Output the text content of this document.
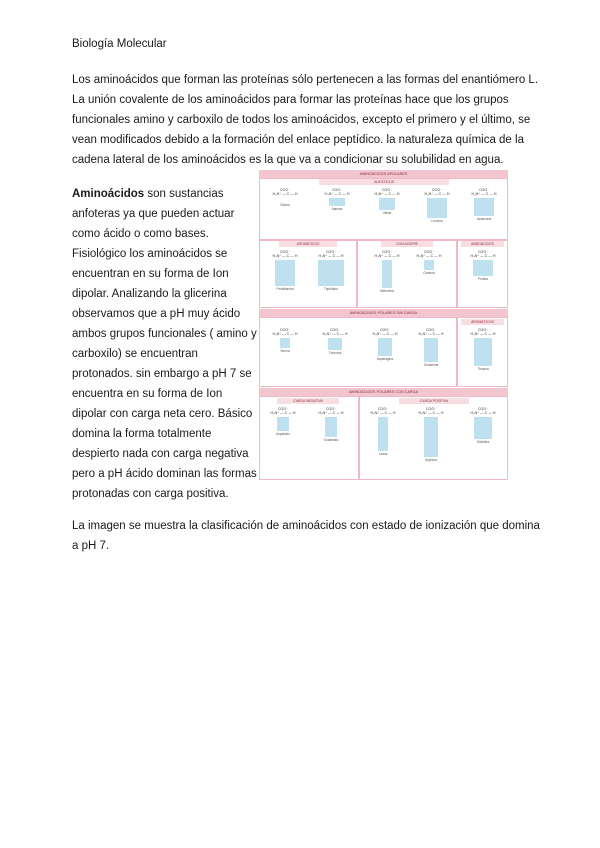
Biología Molecular
Los aminoácidos que forman las proteínas sólo pertenecen a las formas del enantiómero L. La unión covalente de los aminoácidos para formar las proteínas hace que los grupos funcionales amino y carboxilo de todos los aminoácidos, excepto el primero y el último, se vean modificados debido a la formación del enlace peptídico. la naturaleza química de la cadena lateral de los aminoácidos es la que va a condicionar su solubilidad en agua.
Aminoácidos son sustancias anfoteras ya que pueden actuar como ácido o como bases. Fisiológico los aminoácidos se encuentran en su forma de Ion dipolar. Analizando la glicerina observamos que a pH muy ácido ambos grupos funcionales ( amino y carboxilo) se encuentran protonados. sin embargo a pH 7 se encuentra en su forma de Ion dipolar con carga neta cero. Básico domina la forma totalmente despierto nada con carga negativa pero a pH ácido dominan las formas protonadas con carga positiva.
La imagen se muestra la clasificación de aminoácidos con estado de ionización que domina a pH 7.
AMINOÁCIDOS APOLARES
ALIFÁTICOS
COO⁻
H₃N⁺ — C — H
Glicina
COO⁻
H₃N⁺ — C — H
Alanina
COO⁻
H₃N⁺ — C — H
Valina
COO⁻
H₃N⁺ — C — H
Leucina
COO⁻
H₃N⁺ — C — H
Isoleucina
AROMÁTICOS	CON AZUFRE	IMINOÁCIDOS
COO⁻
H₃N⁺ — C — H
Fenilalanina
COO⁻
H₃N⁺ — C — H
Triptófano
COO⁻
H₃N⁺ — C — H
Metionina
COO⁻
H₃N⁺ — C — H
Cisteína
COO⁻
H₃N⁺ — C — H
Prolina
AMINOÁCIDOS POLARES SIN CARGA
AROMÁTICOS
COO⁻
H₃N⁺ — C — H
Serina
COO⁻
H₃N⁺ — C — H
Treonina
COO⁻
H₃N⁺ — C — H
Asparagina
COO⁻
H₃N⁺ — C — H
Glutamina
COO⁻
H₃N⁺ — C — H
Tirosina
AMINOÁCIDOS POLARES CON CARGA
CARGA NEGATIVA	CARGA POSITIVA
COO⁻
H₃N⁺ — C — H
Aspartato
COO⁻
H₃N⁺ — C — H
Glutamato
COO⁻
H₃N⁺ — C — H
Lisina
COO⁻
H₃N⁺ — C — H
Arginina
COO⁻
H₃N⁺ — C — H
Histidina
